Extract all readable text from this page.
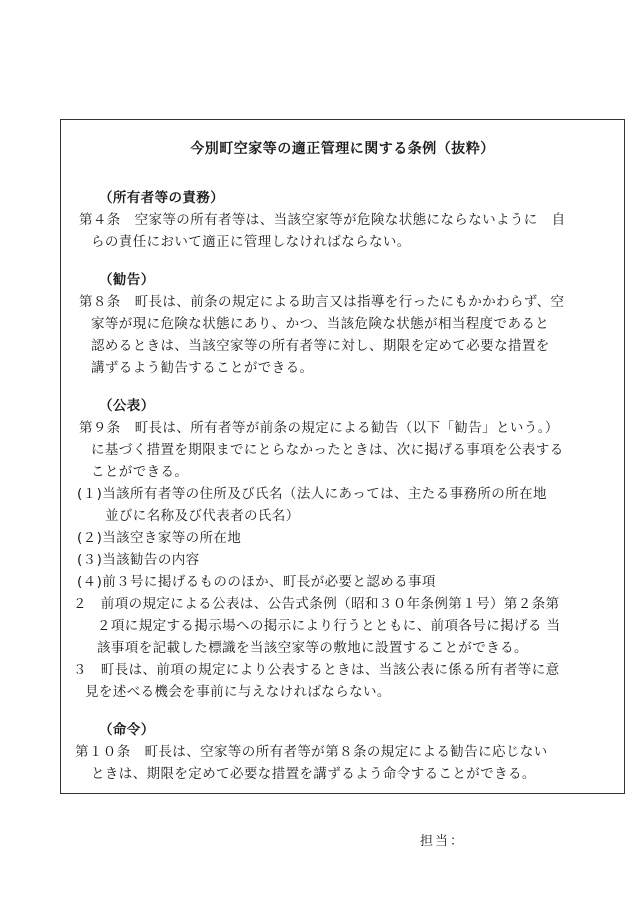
今別町空家等の適正管理に関する条例（抜粋）
（所有者等の責務）
第４条　空家等の所有者等は、当該空家等が危険な状態にならないように　自
らの責任において適正に管理しなければならない。
（勧告）
第８条　町長は、前条の規定による助言又は指導を行ったにもかかわらず、空
家等が現に危険な状態にあり、かつ、当該危険な状態が相当程度であると
認めるときは、当該空家等の所有者等に対し、期限を定めて必要な措置を
講ずるよう勧告することができる。
（公表）
第９条　町長は、所有者等が前条の規定による勧告（以下「勧告」という。）
に基づく措置を期限までにとらなかったときは、次に掲げる事項を公表する
ことができる。
(１)当該所有者等の住所及び氏名（法人にあっては、主たる事務所の所在地
並びに名称及び代表者の氏名）
(２)当該空き家等の所在地
(３)当該勧告の内容
(４)前３号に掲げるもののほか、町長が必要と認める事項
２　前項の規定による公表は、公告式条例（昭和３０年条例第１号）第２条第
２項に規定する掲示場への掲示により行うとともに、前項各号に掲げる 当
該事項を記載した標識を当該空家等の敷地に設置することができる。
３　町長は、前項の規定により公表するときは、当該公表に係る所有者等に意
見を述べる機会を事前に与えなければならない。
（命令）
第１０条　町長は、空家等の所有者等が第８条の規定による勧告に応じない
ときは、期限を定めて必要な措置を講ずるよう命令することができる。
担当：
